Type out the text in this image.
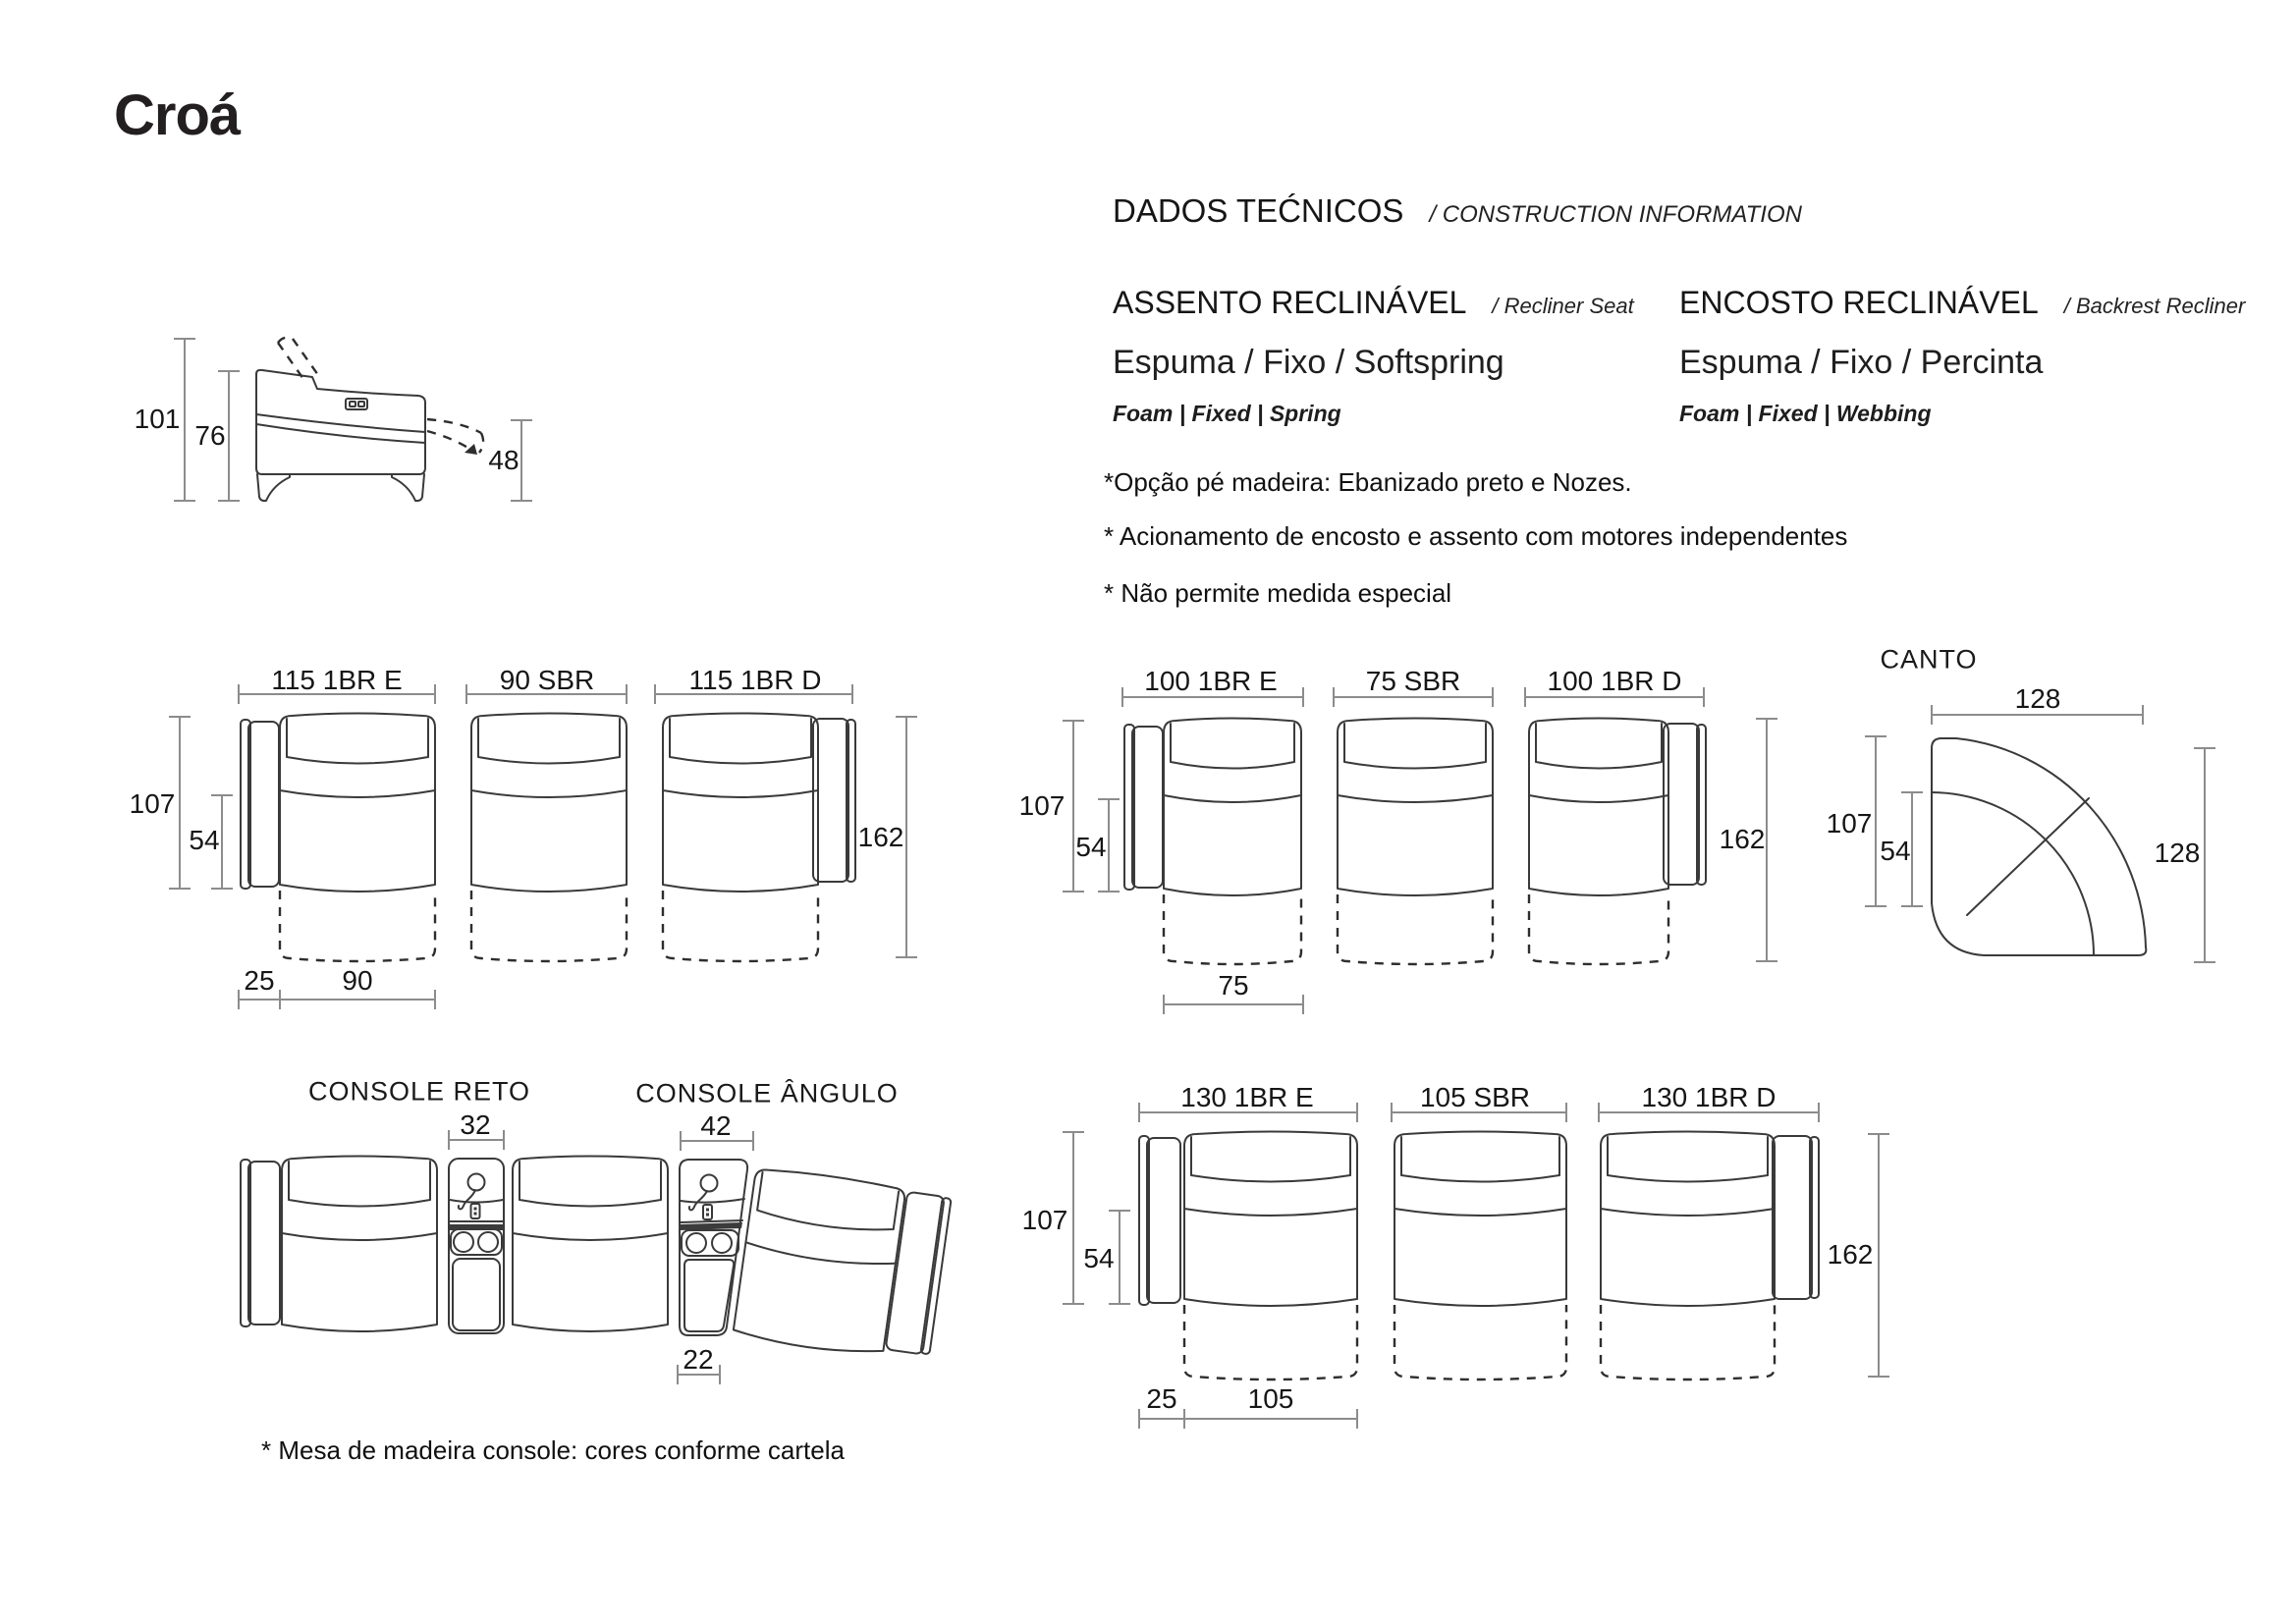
Croá
DADOS TEĆNICOS / CONSTRUCTION INFORMATION
ASSENTO RECLINÁVEL / Recliner Seat
Espuma / Fixo / Softspring
Foam | Fixed | Spring
ENCOSTO RECLINÁVEL / Backrest Recliner
Espuma / Fixo / Percinta
Foam | Fixed | Webbing
*Opção pé madeira: Ebanizado preto e Nozes.
* Acionamento de encosto e assento com motores independentes
* Não permite medida especial
101
76
48
115 1BR E	90 SBR	115 1BR D
107
54	162
25 90
100 1BR E	75 SBR	100 1BR D
107
54	162
75
CANTO
128
107
54	128
CONSOLE RETO
32
CONSOLE ÂNGULO
42
22
130 1BR E	105 SBR	130 1BR D
107
54	162
25	105
* Mesa de madeira console: cores conforme cartela
